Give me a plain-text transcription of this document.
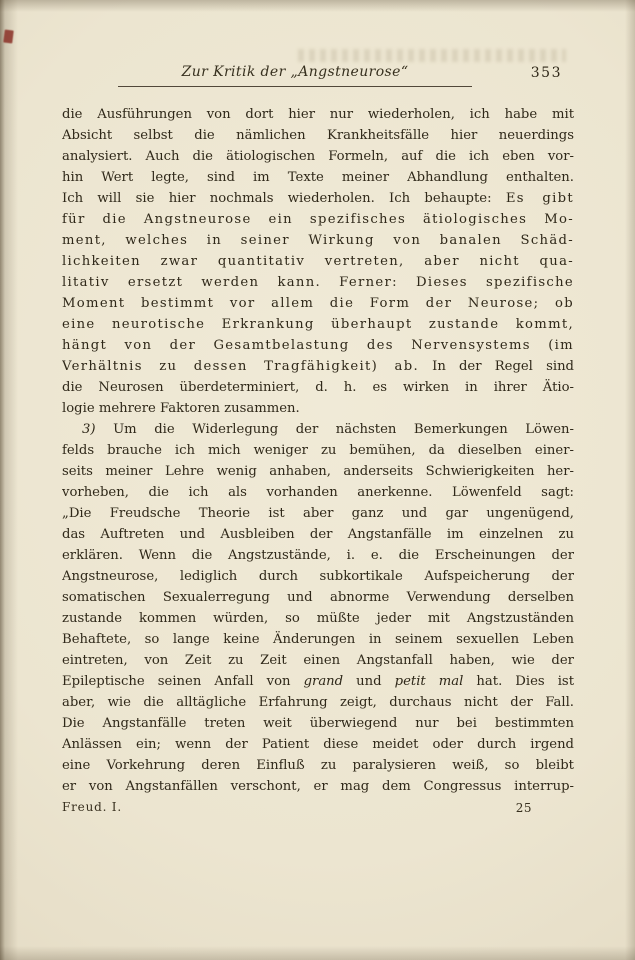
Zur Kritik der „Angstneurose“	353
die Ausführungen von dort hier nur wiederholen, ich habe mit
Absicht selbst die nämlichen Krankheitsfälle hier neuerdings
analysiert. Auch die ätiologischen Formeln, auf die ich eben vor-
hin Wert legte, sind im Texte meiner Abhandlung enthalten.
Ich will sie hier nochmals wiederholen. Ich behaupte: Es gibt
für die Angstneurose ein spezifisches ätiologisches Mo-
ment, welches in seiner Wirkung von banalen Schäd-
lichkeiten zwar quantitativ vertreten, aber nicht qua-
litativ ersetzt werden kann. Ferner: Dieses spezifische
Moment bestimmt vor allem die Form der Neurose; ob
eine neurotische Erkrankung überhaupt zustande kommt,
hängt von der Gesamtbelastung des Nervensystems (im
Verhältnis zu dessen Tragfähigkeit) ab. In der Regel sind
die Neurosen überdeterminiert, d. h. es wirken in ihrer Ätio-
logie mehrere Faktoren zusammen.
3) Um die Widerlegung der nächsten Bemerkungen Löwen-
felds brauche ich mich weniger zu bemühen, da dieselben einer-
seits meiner Lehre wenig anhaben, anderseits Schwierigkeiten her-
vorheben, die ich als vorhanden anerkenne. Löwenfeld sagt:
„Die Freudsche Theorie ist aber ganz und gar ungenügend,
das Auftreten und Ausbleiben der Angstanfälle im einzelnen zu
erklären. Wenn die Angstzustände, i. e. die Erscheinungen der
Angstneurose, lediglich durch subkortikale Aufspeicherung der
somatischen Sexualerregung und abnorme Verwendung derselben
zustande kommen würden, so müßte jeder mit Angstzuständen
Behaftete, so lange keine Änderungen in seinem sexuellen Leben
eintreten, von Zeit zu Zeit einen Angstanfall haben, wie der
Epileptische seinen Anfall von grand und petit mal hat. Dies ist
aber, wie die alltägliche Erfahrung zeigt, durchaus nicht der Fall.
Die Angstanfälle treten weit überwiegend nur bei bestimmten
Anlässen ein; wenn der Patient diese meidet oder durch irgend
eine Vorkehrung deren Einfluß zu paralysieren weiß, so bleibt
er von Angstanfällen verschont, er mag dem Congressus interrup-
Freud. I.	25
